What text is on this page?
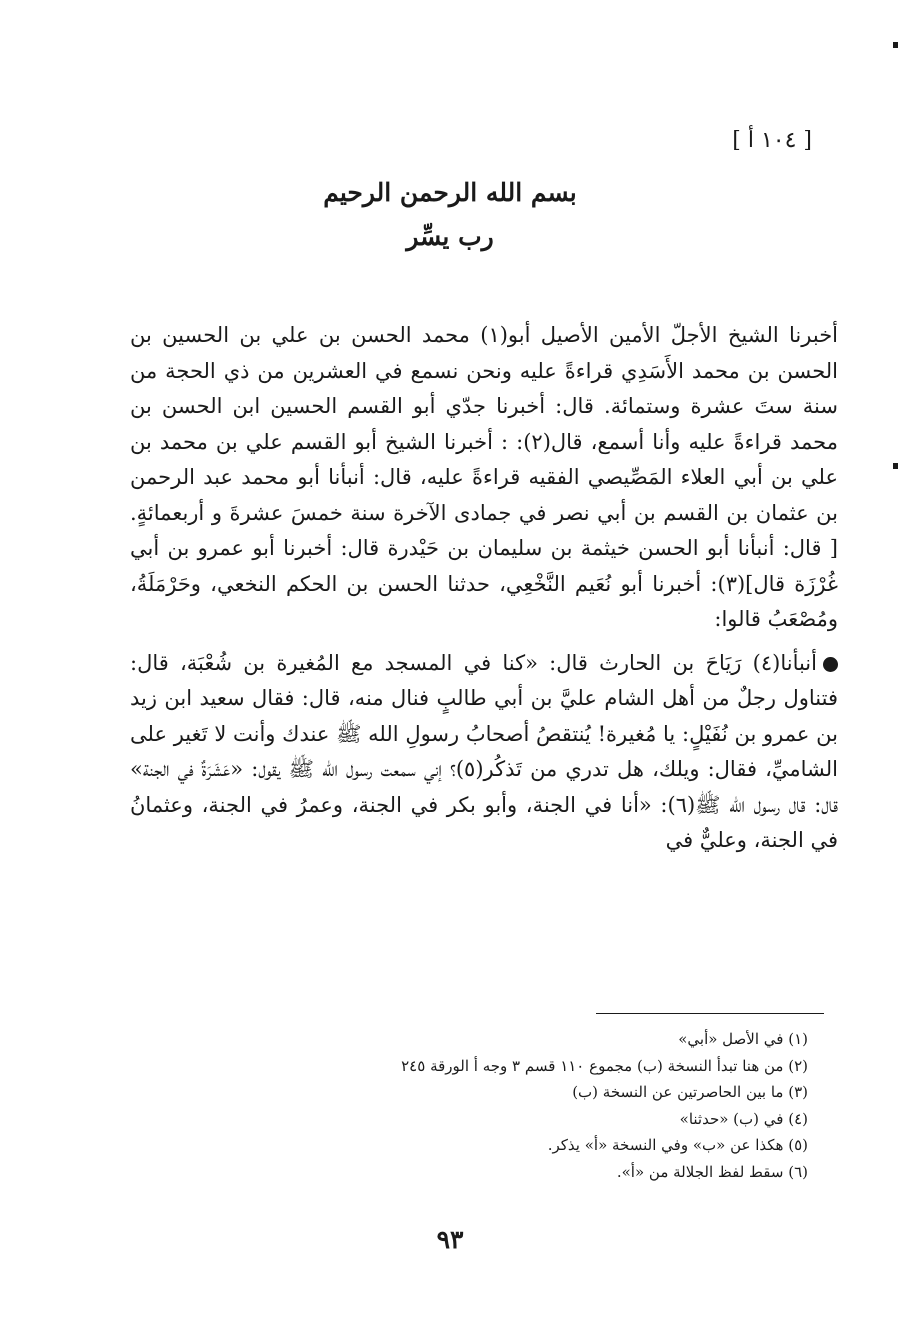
[ ١٠٤ أ ]
بسم الله الرحمن الرحيم
رب يسِّر

أخبرنا الشيخ الأجلّ الأمين الأصيل أبو(١) محمد الحسن بن علي بن الحسين بن الحسن بن محمد الأَسَدِي قراءةً عليه ونحن نسمع في العشرين من ذي الحجة من سنة ستَ عشرة وستمائة. قال: أخبرنا جدّي أبو القسم الحسين ابن الحسن بن محمد قراءةً عليه وأنا أسمع، قال(٢): : أخبرنا الشيخ أبو القسم علي بن محمد بن علي بن أبي العلاء المَصِّيصي الفقيه قراءةً عليه، قال: أنبأنا أبو محمد عبد الرحمن بن عثمان بن القسم بن أبي نصر في جمادى الآخرة سنة خمسَ عشرةَ و أربعمائةٍ. [ قال: أنبأنا أبو الحسن خيثمة بن سليمان بن حَيْدرة قال: أخبرنا أبو عمرو بن أبي غُرْزَة قال](٣): أخبرنا أبو نُعَيم النَّخْعِي، حدثنا الحسن بن الحكم النخعي، وحَرْمَلَةُ، ومُصْعَبُ قالوا:

أنبأنا(٤) رَيَاحَ بن الحارث قال: «كنا في المسجد مع المُغيرة بن شُعْبَة، قال: فتناول رجلٌ من أهل الشام عليَّ بن أبي طالبٍ فنال منه، قال: فقال سعيد ابن زيد بن عمرو بن نُفَيْلٍ: يا مُغيرة! يُنتقصُ أصحابُ رسولِ الله ﷺ عندك وأنت لا تَغير على الشاميِّ، فقال: ويلك، هل تدري من تَذكُر(٥)؟ إني سمعت رسول الله ﷺ يقول: «عَشَرَةٌ في الجنة» قال: قال رسول الله ﷺ(٦): «أنا في الجنة، وأبو بكر في الجنة، وعمرُ في الجنة، وعثمانُ في الجنة، وعليٌّ في

(١) في الأصل «أبي»
(٢) من هنا تبدأ النسخة (ب) مجموع ١١٠ قسم ٣ وجه أ الورقة ٢٤٥
(٣) ما بين الحاصرتين عن النسخة (ب)
(٤) في (ب) «حدثنا»
(٥) هكذا عن «ب» وفي النسخة «أ» يذكر.
(٦) سقط لفظ الجلالة من «أ».
٩٣
